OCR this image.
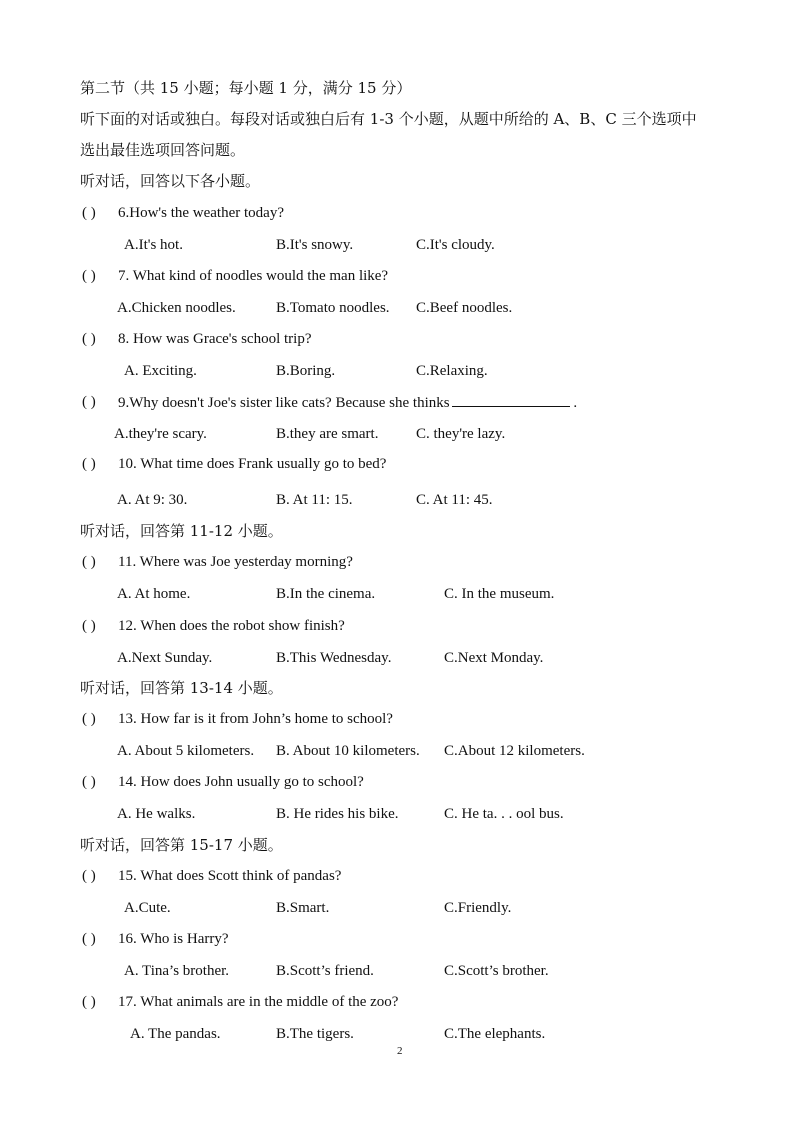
第二节（共 15 小题；每小题 1 分，满分 15 分）
听下面的对话或独白。每段对话或独白后有 1-3 个小题，从题中所给的 A、B、C 三个选项中
选出最佳选项回答问题。
听对话，回答以下各小题。
( ) 6.How's the weather today?
A.It's hot.	B.It's snowy.	C.It's cloudy.
( ) 7. What kind of noodles would the man like?
A.Chicken noodles.	B.Tomato noodles. C.Beef noodles.
( ) 8. How was Grace's school trip?
A. Exciting.	B.Boring.	C.Relaxing.
( ) 9.Why doesn't Joe's sister like cats? Because she thinks	.
A.they're scary.	B.they are smart.	C. they're lazy.
( ) 10. What time does Frank usually go to bed?
A. At 9: 30.	B. At 11: 15.	C. At 11: 45.
听对话，回答第 11-12 小题。
( ) 11. Where was Joe yesterday morning?
A. At home.	B.In the cinema.	C. In the museum.
( ) 12. When does the robot show finish?
A.Next Sunday.	B.This Wednesday.	C.Next Monday.
听对话，回答第 13-14 小题。
( ) 13. How far is it from John’s home to school?
A. About 5 kilometers. B. About 10 kilometers. C.About 12 kilometers.
( ) 14. How does John usually go to school?
A. He walks.	B. He rides his bike.	C. He ta. . . ool bus.
听对话，回答第 15-17 小题。
( ) 15. What does Scott think of pandas?
A.Cute.	B.Smart.	C.Friendly.
( ) 16. Who is Harry?
A. Tina’s brother.	B.Scott’s friend.	C.Scott’s brother.
( ) 17. What animals are in the middle of the zoo?
A. The pandas.	B.The tigers.	C.The elephants.
2
